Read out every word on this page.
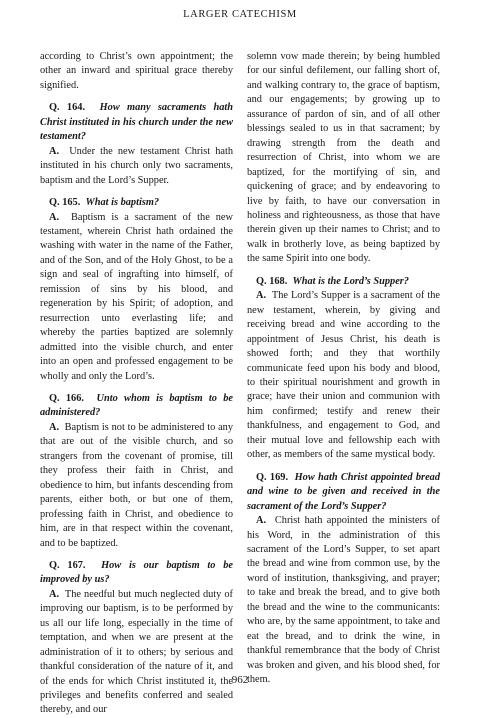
LARGER CATECHISM

according to Christ’s own appointment; the other an inward and spiritual grace thereby signified.

Q. 164. How many sacraments hath Christ instituted in his church under the new testament?

A. Under the new testament Christ hath instituted in his church only two sacraments, baptism and the Lord’s Supper.

Q. 165. What is baptism?

A. Baptism is a sacrament of the new testament, wherein Christ hath ordained the washing with water in the name of the Father, and of the Son, and of the Holy Ghost, to be a sign and seal of ingrafting into himself, of remission of sins by his blood, and regeneration by his Spirit; of adoption, and resurrection unto everlasting life; and whereby the parties baptized are solemnly admitted into the visible church, and enter into an open and professed engagement to be wholly and only the Lord’s.

Q. 166. Unto whom is baptism to be administered?

A. Baptism is not to be administered to any that are out of the visible church, and so strangers from the covenant of promise, till they profess their faith in Christ, and obedience to him, but infants descending from parents, either both, or but one of them, professing faith in Christ, and obedience to him, are in that respect within the covenant, and to be baptized.

Q. 167. How is our baptism to be improved by us?

A. The needful but much neglected duty of improving our baptism, is to be performed by us all our life long, especially in the time of temptation, and when we are present at the administration of it to others; by serious and thankful consideration of the nature of it, and of the ends for which Christ instituted it, the privileges and benefits conferred and sealed thereby, and our

solemn vow made therein; by being humbled for our sinful defilement, our falling short of, and walking contrary to, the grace of baptism, and our engagements; by growing up to assurance of pardon of sin, and of all other blessings sealed to us in that sacrament; by drawing strength from the death and resurrection of Christ, into whom we are baptized, for the mortifying of sin, and quickening of grace; and by endeavoring to live by faith, to have our conversation in holiness and righteousness, as those that have therein given up their names to Christ; and to walk in brotherly love, as being baptized by the same Spirit into one body.

Q. 168. What is the Lord’s Supper?

A. The Lord’s Supper is a sacrament of the new testament, wherein, by giving and receiving bread and wine according to the appointment of Jesus Christ, his death is showed forth; and they that worthily communicate feed upon his body and blood, to their spiritual nourishment and growth in grace; have their union and communion with him confirmed; testify and renew their thankfulness, and engagement to God, and their mutual love and fellowship each with other, as members of the same mystical body.

Q. 169. How hath Christ appointed bread and wine to be given and received in the sacrament of the Lord’s Supper?

A. Christ hath appointed the ministers of his Word, in the administration of this sacrament of the Lord’s Supper, to set apart the bread and wine from common use, by the word of institution, thanksgiving, and prayer; to take and break the bread, and to give both the bread and the wine to the communicants: who are, by the same appointment, to take and eat the bread, and to drink the wine, in thankful remembrance that the body of Christ was broken and given, and his blood shed, for them.

962
